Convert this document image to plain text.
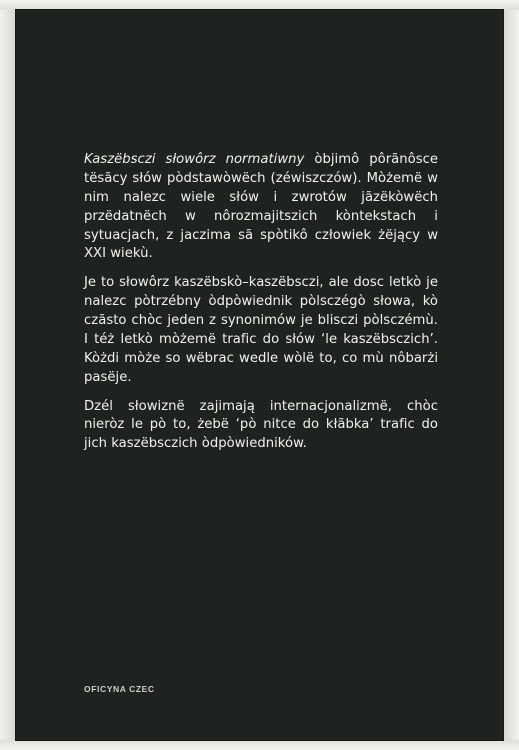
Kaszëbsczi słowôrz normatiwny òbjimô pôrãnôsce tësãcy słów pòdstawòwëch (zéwiszczów). Mòżemë w nim nalezc wiele słów i zwrotów jãzëkòwëch przëdatnëch w nôrozmajitszich kòntekstach i sytuacjach, z jaczima sã spòtikô człowiek żëjący w XXI wiekù.

Je to słowôrz kaszëbskò–kaszëbsczi, ale dosc letkò je nalezc pòtrzébny òdpòwiednik pòlsczégò słowa, kò czãsto chòc jeden z synonimów je blisczi pòlsczémù. I téż letkò mòżemë trafic do słów ‘le kaszëbsczich’. Kòżdi mòże so wëbrac wedle wòlë to, co mù nôbarżi pasëje.

Dzél słowiznë zajimają internacjonalizmë, chòc nieròz le pò to, żebë ‘pò nitce do kłãbka’ trafic do jich kaszëbsczich òdpòwiedników.

OFICYNA CZEC
